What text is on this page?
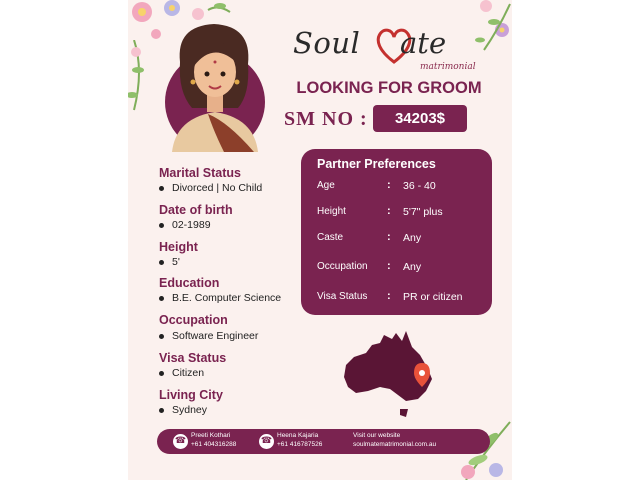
Soul ate
matrimonial
LOOKING FOR GROOM
SM NO :	34203$
Marital Status
Divorced | No Child
Date of birth
02-1989
Height
5'
Education
B.E. Computer Science
Occupation
Software Engineer
Visa Status
Citizen
Living City
Sydney
Partner Preferences
Age	: 36 - 40
Height	: 5'7" plus
Caste	: Any
Occupation : Any
Visa Status : PR or citizen
☎
Preeti Kothari
+61 404316288	☎
Heena Kajaria
+61 416787526
Visit our website
soulmatematrimonial.com.au
